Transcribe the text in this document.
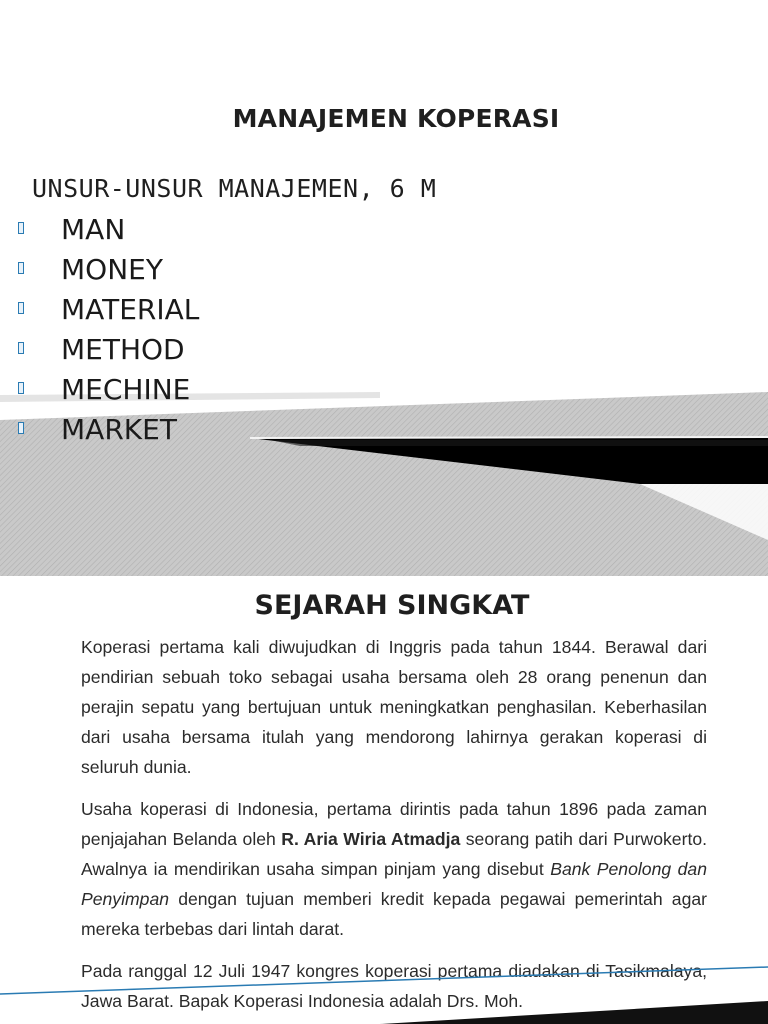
MANAJEMEN KOPERASI
UNSUR-UNSUR MANAJEMEN, 6 M
MAN
MONEY
MATERIAL
METHOD
MECHINE
MARKET
SEJARAH SINGKAT

Koperasi pertama kali diwujudkan di Inggris pada tahun 1844. Berawal dari pendirian sebuah toko sebagai usaha bersama oleh 28 orang penenun dan perajin sepatu yang bertujuan untuk meningkatkan penghasilan. Keberhasilan dari usaha bersama itulah yang mendorong lahirnya gerakan koperasi di seluruh dunia.

Usaha koperasi di Indonesia, pertama dirintis pada tahun 1896 pada zaman penjajahan Belanda oleh R. Aria Wiria Atmadja seorang patih dari Purwokerto. Awalnya ia mendirikan usaha simpan pinjam yang disebut Bank Penolong dan Penyimpan dengan tujuan memberi kredit kepada pegawai pemerintah agar mereka terbebas dari lintah darat.

Pada ranggal 12 Juli 1947 kongres koperasi pertama diadakan di Tasikmalaya, Jawa Barat. Bapak Koperasi Indonesia adalah Drs. Moh.
